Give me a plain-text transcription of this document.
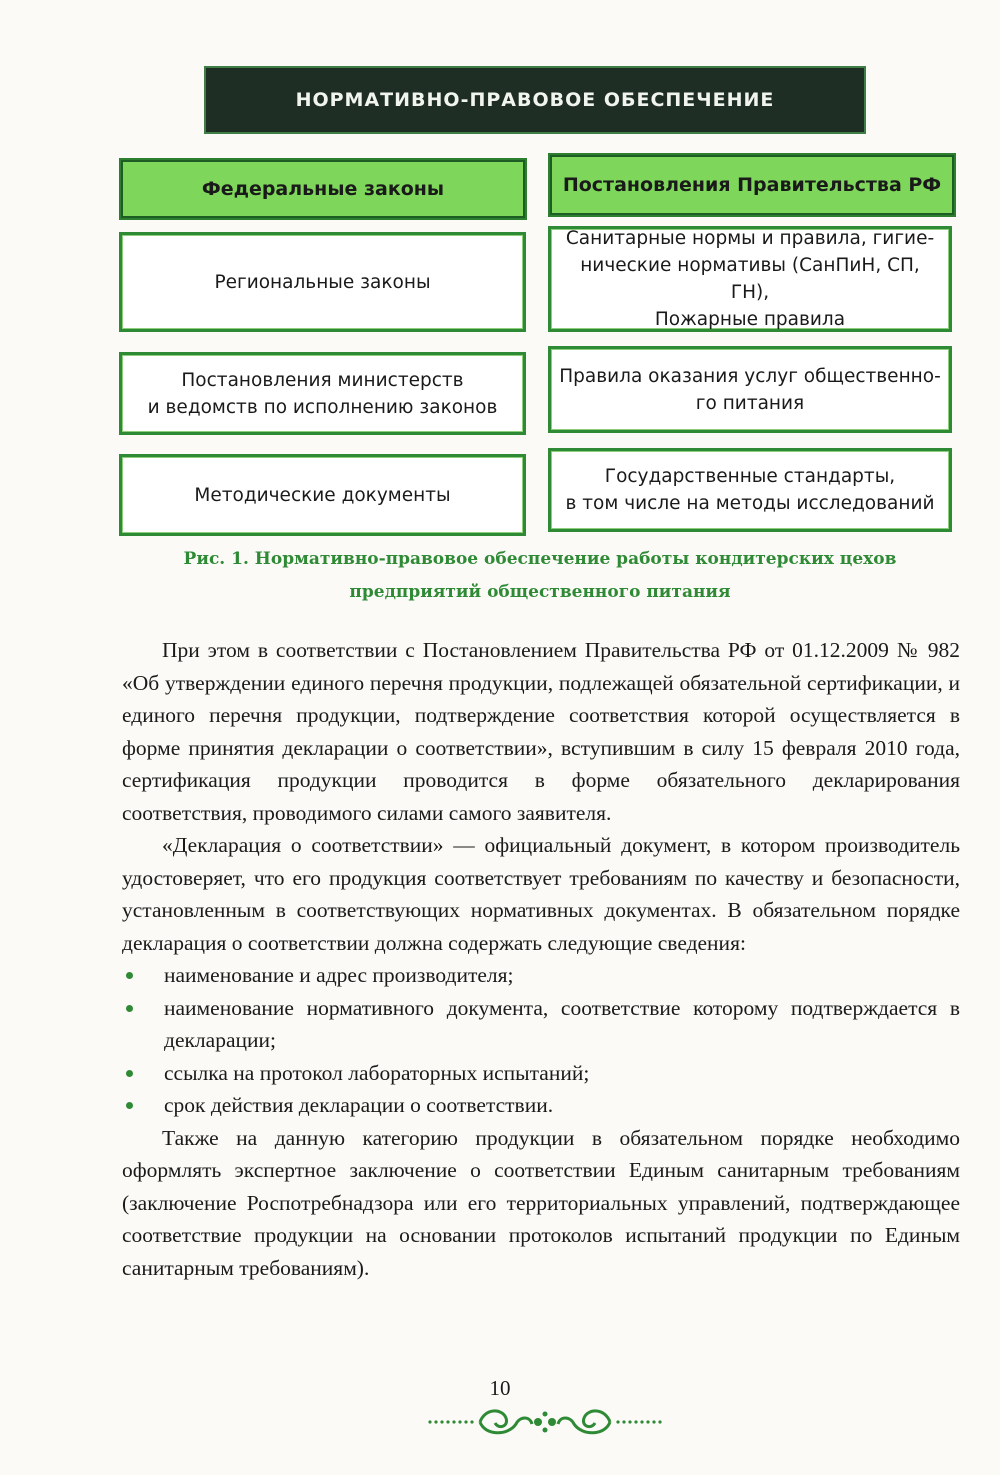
НОРМАТИВНО-ПРАВОВОЕ ОБЕСПЕЧЕНИЕ
Федеральные законы	Постановления Правительства РФ
Региональные законы
Постановления министерств
и ведомств по исполнению законов
Методические документы
Санитарные нормы и правила, гигие-
нические нормативы (СанПиН, СП, ГН),
Пожарные правила
Правила оказания услуг общественно-
го питания
Государственные стандарты,
в том числе на методы исследований
Рис. 1. Нормативно-правовое обеспечение работы кондитерских цехов
предприятий общественного питания

При этом в соответствии с Постановлением Правительства РФ от 01.12.2009 № 982 «Об утверждении единого перечня продукции, подлежащей обязательной сертификации, и единого перечня продукции, подтверждение соответствия которой осуществляется в форме принятия декларации о соответствии», вступившим в силу 15 февраля 2010 года, сертификация продукции проводится в форме обязательного декларирования соответствия, проводимого силами самого заявителя.

«Декларация о соответствии» — официальный документ, в котором производитель удостоверяет, что его продукция соответствует требованиям по качеству и безопасности, установленным в соответствующих нормативных документах. В обязательном порядке декларация о соответствии должна содержать следующие сведения:

наименование и адрес производителя;
наименование нормативного документа, соответствие которому подтверждается в декларации;
ссылка на протокол лабораторных испытаний;
срок действия декларации о соответствии.

Также на данную категорию продукции в обязательном порядке необходимо оформлять экспертное заключение о соответствии Единым санитарным требованиям (заключение Роспотребнадзора или его территориальных управлений, подтверждающее соответствие продукции на основании протоколов испытаний продукции по Единым санитарным требованиям).

10
